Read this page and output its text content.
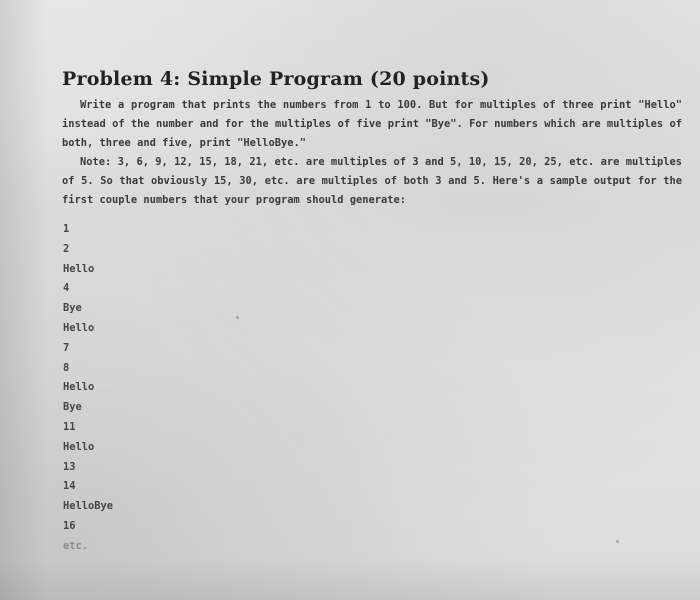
Problem 4: Simple Program (20 points)

Write a program that prints the numbers from 1 to 100. But for multiples of three print "Hello" instead of the number and for the multiples of five print "Bye". For numbers which are multiples of both, three and five, print "HelloBye."

Note: 3, 6, 9, 12, 15, 18, 21, etc. are multiples of 3 and 5, 10, 15, 20, 25, etc. are multiples of 5. So that obviously 15, 30, etc. are multiples of both 3 and 5. Here's a sample output for the first couple numbers that your program should generate:

1
2
Hello
4
Bye
Hello
7
8
Hello
Bye
11
Hello
13
14
HelloBye
16
etc.
